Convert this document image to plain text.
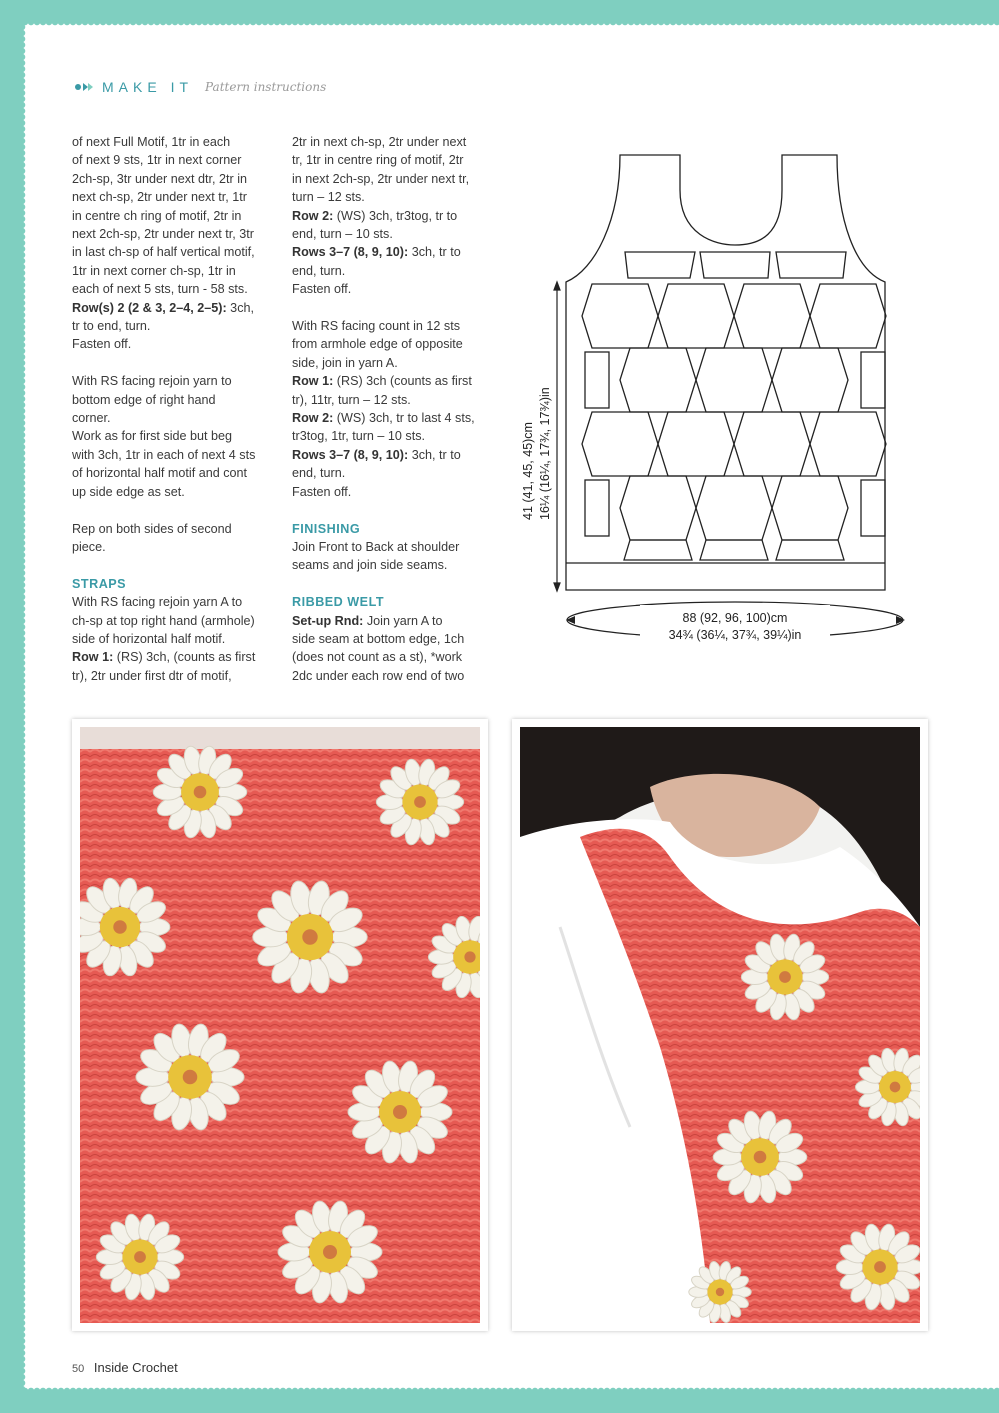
MAKE IT Pattern instructions

of next Full Motif, 1tr in each
of next 9 sts, 1tr in next corner
2ch-sp, 3tr under next dtr, 2tr in
next ch-sp, 2tr under next tr, 1tr
in centre ch ring of motif, 2tr in
next 2ch-sp, 2tr under next tr, 3tr
in last ch-sp of half vertical motif,
1tr in next corner ch-sp, 1tr in
each of next 5 sts, turn - 58 sts.

Row(s) 2 (2 & 3, 2–4, 2–5): 3ch,
tr to end, turn.
Fasten off.

With RS facing rejoin yarn to
bottom edge of right hand
corner.
Work as for first side but beg
with 3ch, 1tr in each of next 4 sts
of horizontal half motif and cont
up side edge as set.

Rep on both sides of second
piece.

STRAPS

With RS facing rejoin yarn A to
ch-sp at top right hand (armhole)
side of horizontal half motif.

Row 1: (RS) 3ch, (counts as first
tr), 2tr under first dtr of motif,

2tr in next ch-sp, 2tr under next
tr, 1tr in centre ring of motif, 2tr
in next 2ch-sp, 2tr under next tr,
turn – 12 sts.

Row 2: (WS) 3ch, tr3tog, tr to
end, turn – 10 sts.

Rows 3–7 (8, 9, 10): 3ch, tr to
end, turn.
Fasten off.

With RS facing count in 12 sts
from armhole edge of opposite
side, join in yarn A.

Row 1: (RS) 3ch (counts as first
tr), 11tr, turn – 12 sts.

Row 2: (WS) 3ch, tr to last 4 sts,
tr3tog, 1tr, turn – 10 sts.

Rows 3–7 (8, 9, 10): 3ch, tr to
end, turn.
Fasten off.

FINISHING

Join Front to Back at shoulder
seams and join side seams.

RIBBED WELT

Set-up Rnd: Join yarn A to
side seam at bottom edge, 1ch
(does not count as a st), *work
2dc under each row end of two

41 (41, 45, 45)cm 16¼ (16¼, 17¾, 17¾)in
88 (92, 96, 100)cm
34¾ (36¼, 37¾, 39¼)in
50 Inside Crochet
